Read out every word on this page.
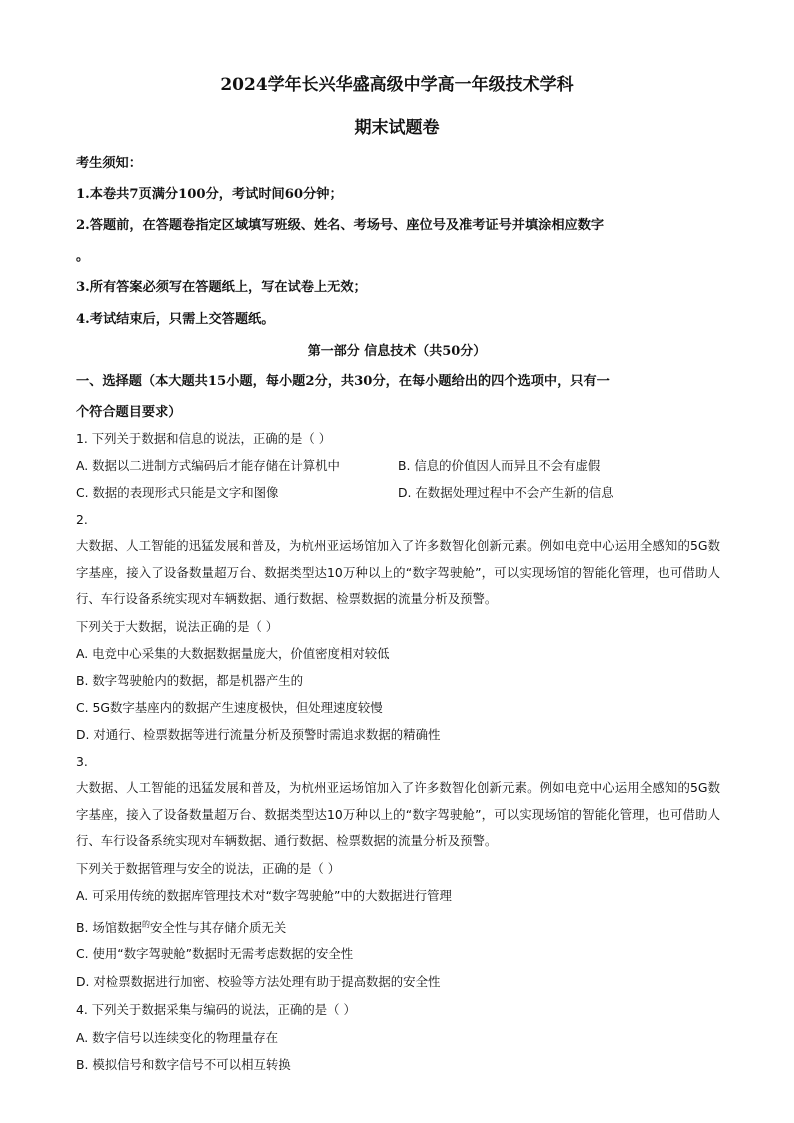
2024学年长兴华盛高级中学高一年级技术学科
期末试题卷
考生须知：
1.本卷共7页满分100分，考试时间60分钟；
2.答题前，在答题卷指定区域填写班级、姓名、考场号、座位号及准考证号并填涂相应数字
。
3.所有答案必须写在答题纸上，写在试卷上无效；
4.考试结束后，只需上交答题纸。
第一部分 信息技术（共50分）
一、选择题（本大题共15小题，每小题2分，共30分，在每小题给出的四个选项中，只有一
个符合题目要求）
1. 下列关于数据和信息的说法，正确的是（ ）
A. 数据以二进制方式编码后才能存储在计算机中	B. 信息的价值因人而异且不会有虚假
C. 数据的表现形式只能是文字和图像	D. 在数据处理过程中不会产生新的信息
2.
大数据、人工智能的迅猛发展和普及，为杭州亚运场馆加入了许多数智化创新元素。例如电竞中心运用全感知的5G数字基座，接入了设备数量超万台、数据类型达10万种以上的“数字驾驶舱”，可以实现场馆的智能化管理，也可借助人行、车行设备系统实现对车辆数据、通行数据、检票数据的流量分析及预警。
下列关于大数据，说法正确的是（ ）
A. 电竞中心采集的大数据数据量庞大，价值密度相对较低
B. 数字驾驶舱内的数据，都是机器产生的
C. 5G数字基座内的数据产生速度极快，但处理速度较慢
D. 对通行、检票数据等进行流量分析及预警时需追求数据的精确性
3.
大数据、人工智能的迅猛发展和普及，为杭州亚运场馆加入了许多数智化创新元素。例如电竞中心运用全感知的5G数字基座，接入了设备数量超万台、数据类型达10万种以上的“数字驾驶舱”，可以实现场馆的智能化管理，也可借助人行、车行设备系统实现对车辆数据、通行数据、检票数据的流量分析及预警。
下列关于数据管理与安全的说法，正确的是（ ）
A. 可采用传统的数据库管理技术对“数字驾驶舱”中的大数据进行管理
B. 场馆数据$^的$安全性与其存储介质无关
C. 使用“数字驾驶舱”数据时无需考虑数据的安全性
D. 对检票数据进行加密、校验等方法处理有助于提高数据的安全性
4. 下列关于数据采集与编码的说法，正确的是（ ）
A. 数字信号以连续变化的物理量存在
B. 模拟信号和数字信号不可以相互转换
